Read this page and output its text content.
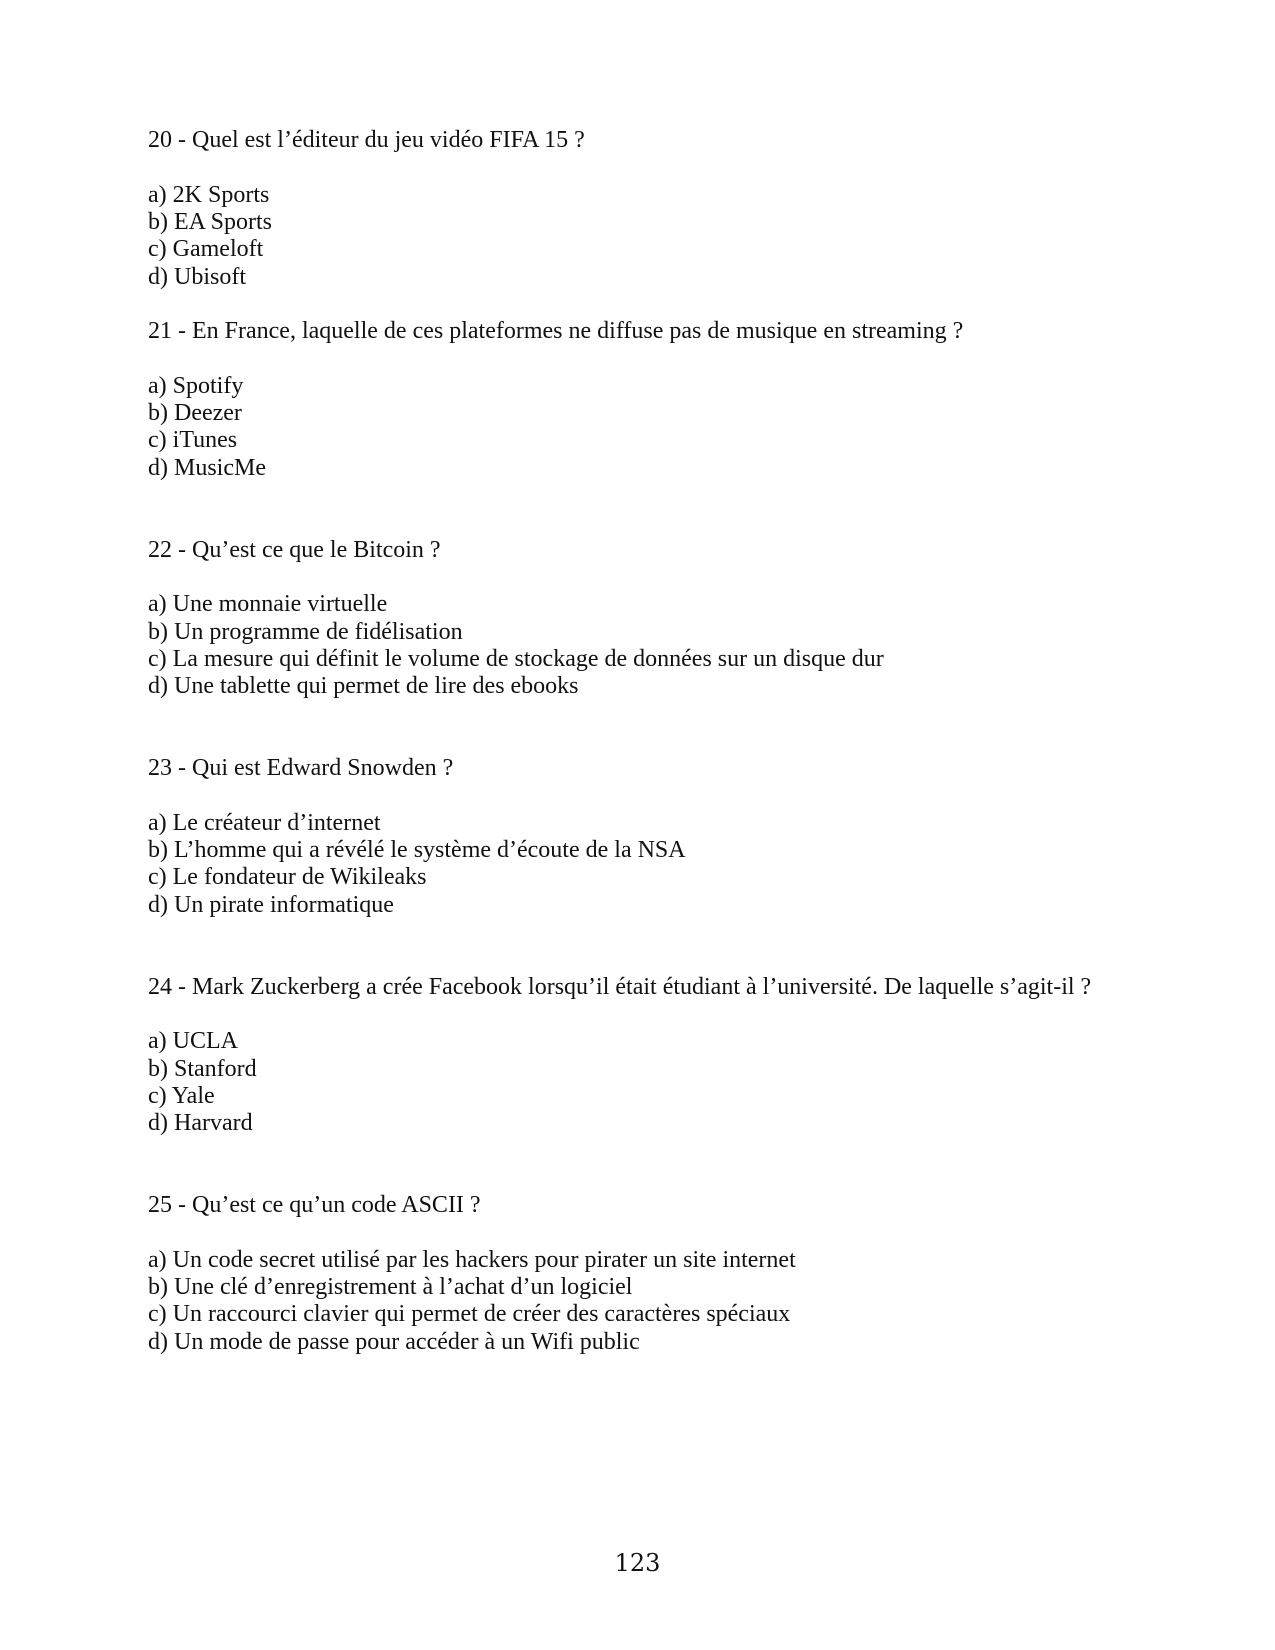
20 - Quel est l’éditeur du jeu vidéo FIFA 15 ?

a) 2K Sports

b) EA Sports

c) Gameloft

d) Ubisoft

21 - En France, laquelle de ces plateformes ne diffuse pas de musique en streaming ?

a) Spotify

b) Deezer

c) iTunes

d) MusicMe

22 - Qu’est ce que le Bitcoin ?

a) Une monnaie virtuelle

b) Un programme de fidélisation

c) La mesure qui définit le volume de stockage de données sur un disque dur

d) Une tablette qui permet de lire des ebooks

23 - Qui est Edward Snowden ?

a) Le créateur d’internet

b) L’homme qui a révélé le système d’écoute de la NSA

c) Le fondateur de Wikileaks

d) Un pirate informatique

24 - Mark Zuckerberg a crée Facebook lorsqu’il était étudiant à l’université. De laquelle s’agit-il ?

a) UCLA

b) Stanford

c) Yale

d) Harvard

25 - Qu’est ce qu’un code ASCII ?

a) Un code secret utilisé par les hackers pour pirater un site internet

b) Une clé d’enregistrement à l’achat d’un logiciel

c) Un raccourci clavier qui permet de créer des caractères spéciaux

d) Un mode de passe pour accéder à un Wifi public

123
